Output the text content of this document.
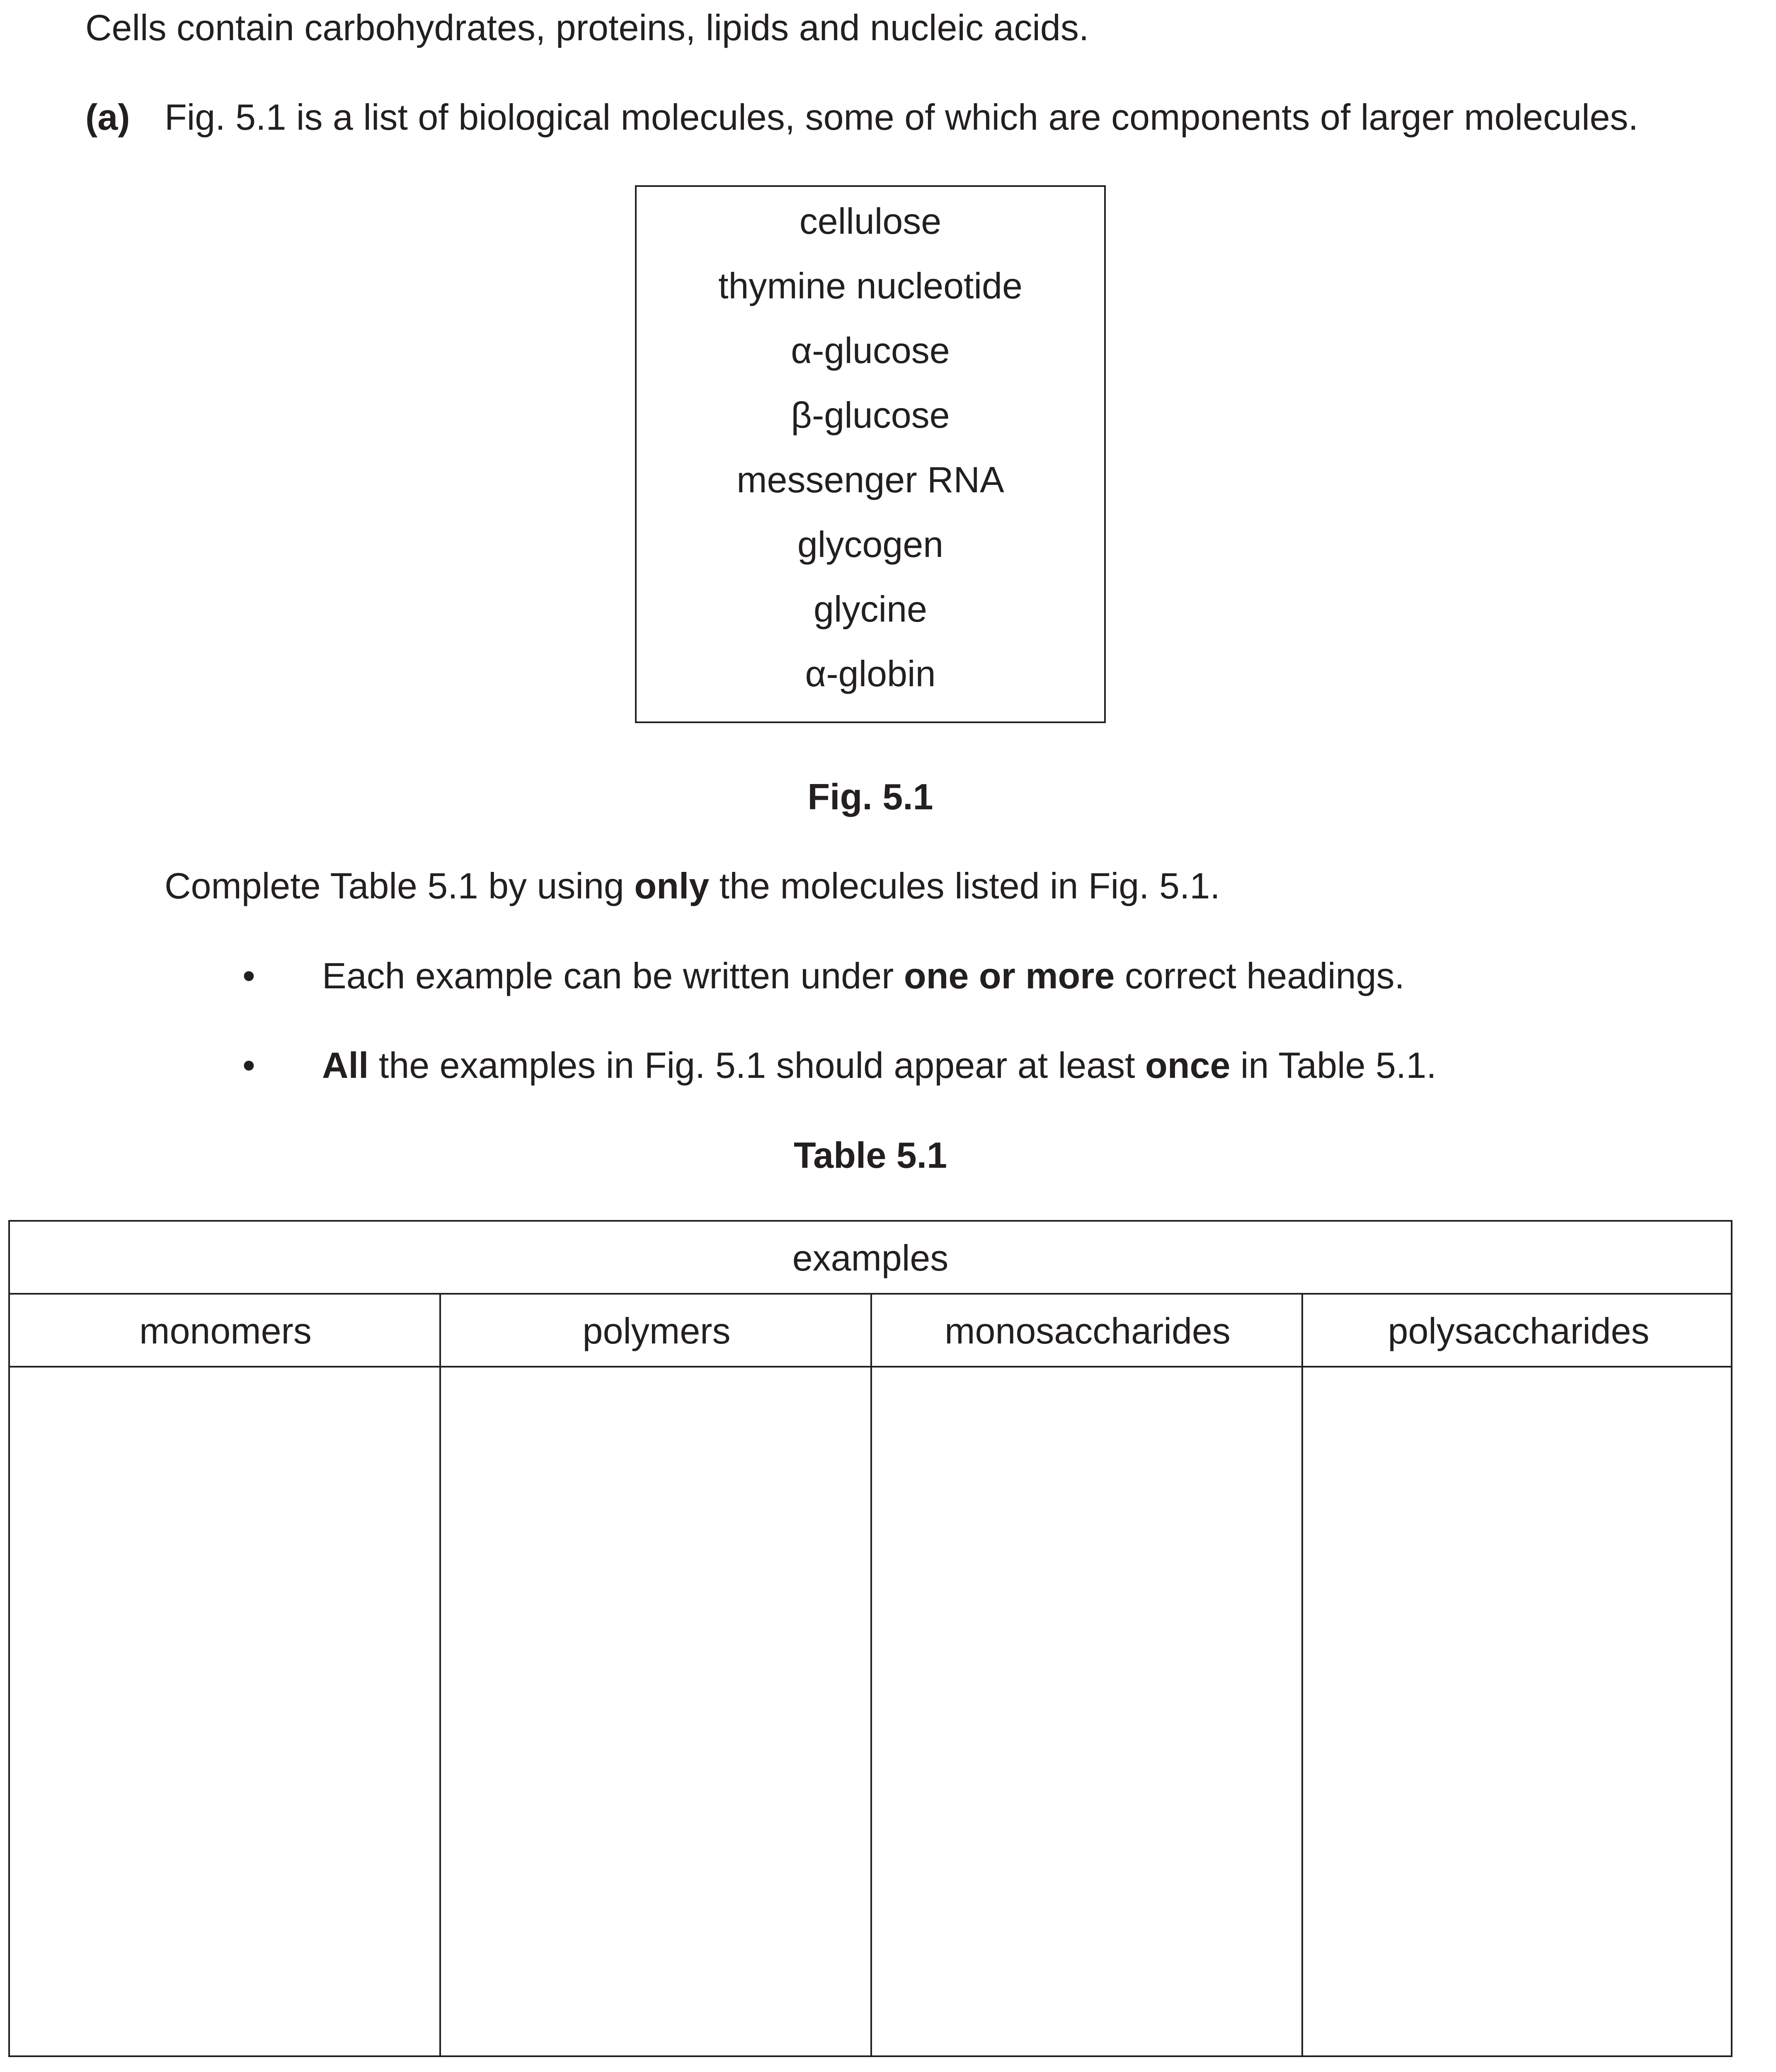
Cells contain carbohydrates, proteins, lipids and nucleic acids.
(a) Fig. 5.1 is a list of biological molecules, some of which are components of larger molecules.
cellulose
thymine nucleotide
α-glucose
β-glucose
messenger RNA
glycogen
glycine
α-globin
Fig. 5.1
Complete Table 5.1 by using only the molecules listed in Fig. 5.1.
• Each example can be written under one or more correct headings.
• All the examples in Fig. 5.1 should appear at least once in Table 5.1.
Table 5.1
examples
monomers	polymers	monosaccharides	polysaccharides
